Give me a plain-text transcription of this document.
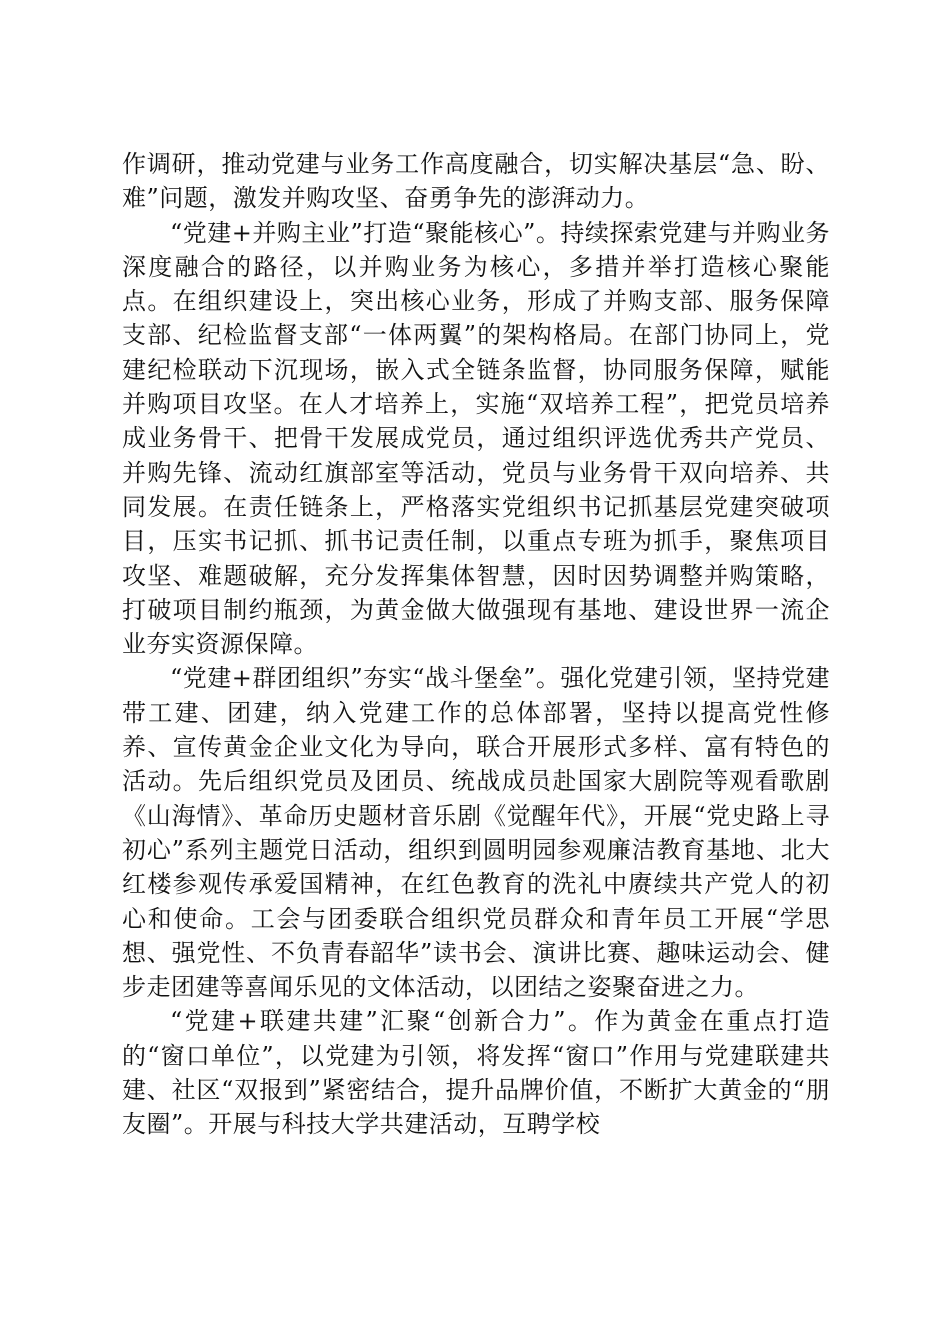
作调研，推动党建与业务工作高度融合，切实解决基层“急、盼、难”问题，激发并购攻坚、奋勇争先的澎湃动力。

“党建+并购主业”打造“聚能核心”。持续探索党建与并购业务深度融合的路径，以并购业务为核心，多措并举打造核心聚能点。在组织建设上，突出核心业务，形成了并购支部、服务保障支部、纪检监督支部“一体两翼”的架构格局。在部门协同上，党建纪检联动下沉现场，嵌入式全链条监督，协同服务保障，赋能并购项目攻坚。在人才培养上，实施“双培养工程”，把党员培养成业务骨干、把骨干发展成党员，通过组织评选优秀共产党员、并购先锋、流动红旗部室等活动，党员与业务骨干双向培养、共同发展。在责任链条上，严格落实党组织书记抓基层党建突破项目，压实书记抓、抓书记责任制，以重点专班为抓手，聚焦项目攻坚、难题破解，充分发挥集体智慧，因时因势调整并购策略，打破项目制约瓶颈，为黄金做大做强现有基地、建设世界一流企业夯实资源保障。

“党建+群团组织”夯实“战斗堡垒”。强化党建引领，坚持党建带工建、团建，纳入党建工作的总体部署，坚持以提高党性修养、宣传黄金企业文化为导向，联合开展形式多样、富有特色的活动。先后组织党员及团员、统战成员赴国家大剧院等观看歌剧《山海情》、革命历史题材音乐剧《觉醒年代》，开展“党史路上寻初心”系列主题党日活动，组织到圆明园参观廉洁教育基地、北大红楼参观传承爱国精神，在红色教育的洗礼中赓续共产党人的初心和使命。工会与团委联合组织党员群众和青年员工开展“学思想、强党性、不负青春韶华”读书会、演讲比赛、趣味运动会、健步走团建等喜闻乐见的文体活动，以团结之姿聚奋进之力。

“党建+联建共建”汇聚“创新合力”。作为黄金在重点打造的“窗口单位”，以党建为引领，将发挥“窗口”作用与党建联建共建、社区“双报到”紧密结合，提升品牌价值，不断扩大黄金的“朋友圈”。开展与科技大学共建活动，互聘学校
